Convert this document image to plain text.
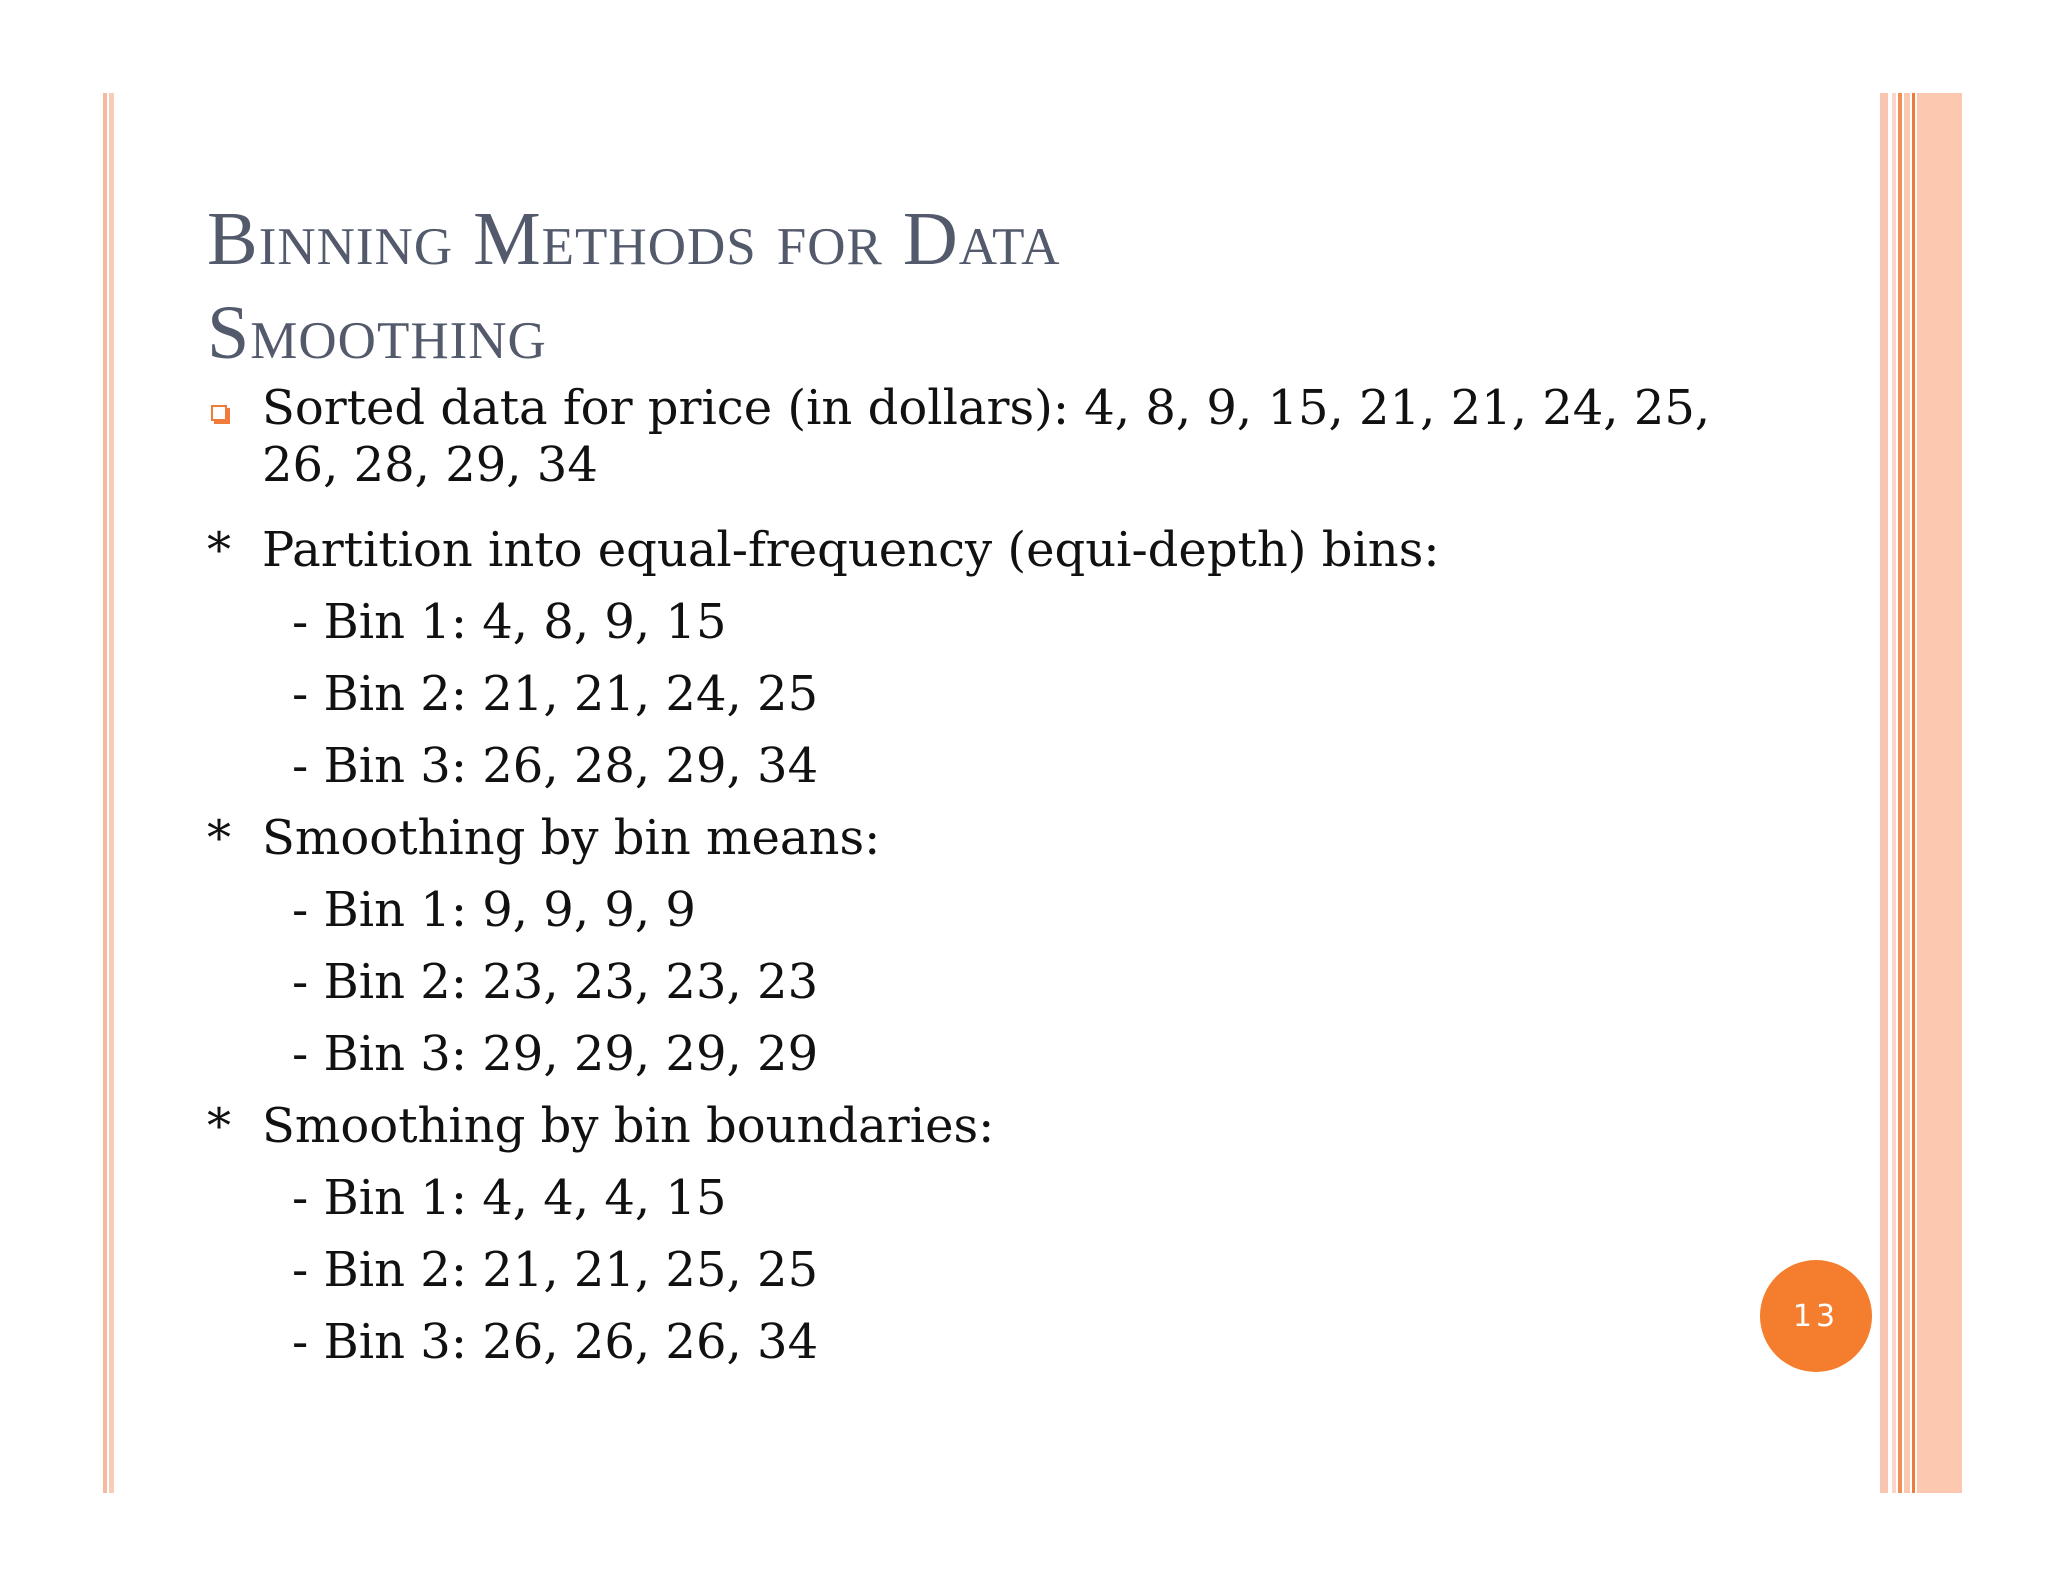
Binning Methods for Data
Smoothing
Sorted data for price (in dollars): 4, 8, 9, 15, 21, 21, 24, 25, 26, 28, 29, 34
* Partition into equal-frequency (equi-depth) bins:
- Bin 1: 4, 8, 9, 15
- Bin 2: 21, 21, 24, 25
- Bin 3: 26, 28, 29, 34
* Smoothing by bin means:
- Bin 1: 9, 9, 9, 9
- Bin 2: 23, 23, 23, 23
- Bin 3: 29, 29, 29, 29
* Smoothing by bin boundaries:
- Bin 1: 4, 4, 4, 15
- Bin 2: 21, 21, 25, 25
- Bin 3: 26, 26, 26, 34	13
